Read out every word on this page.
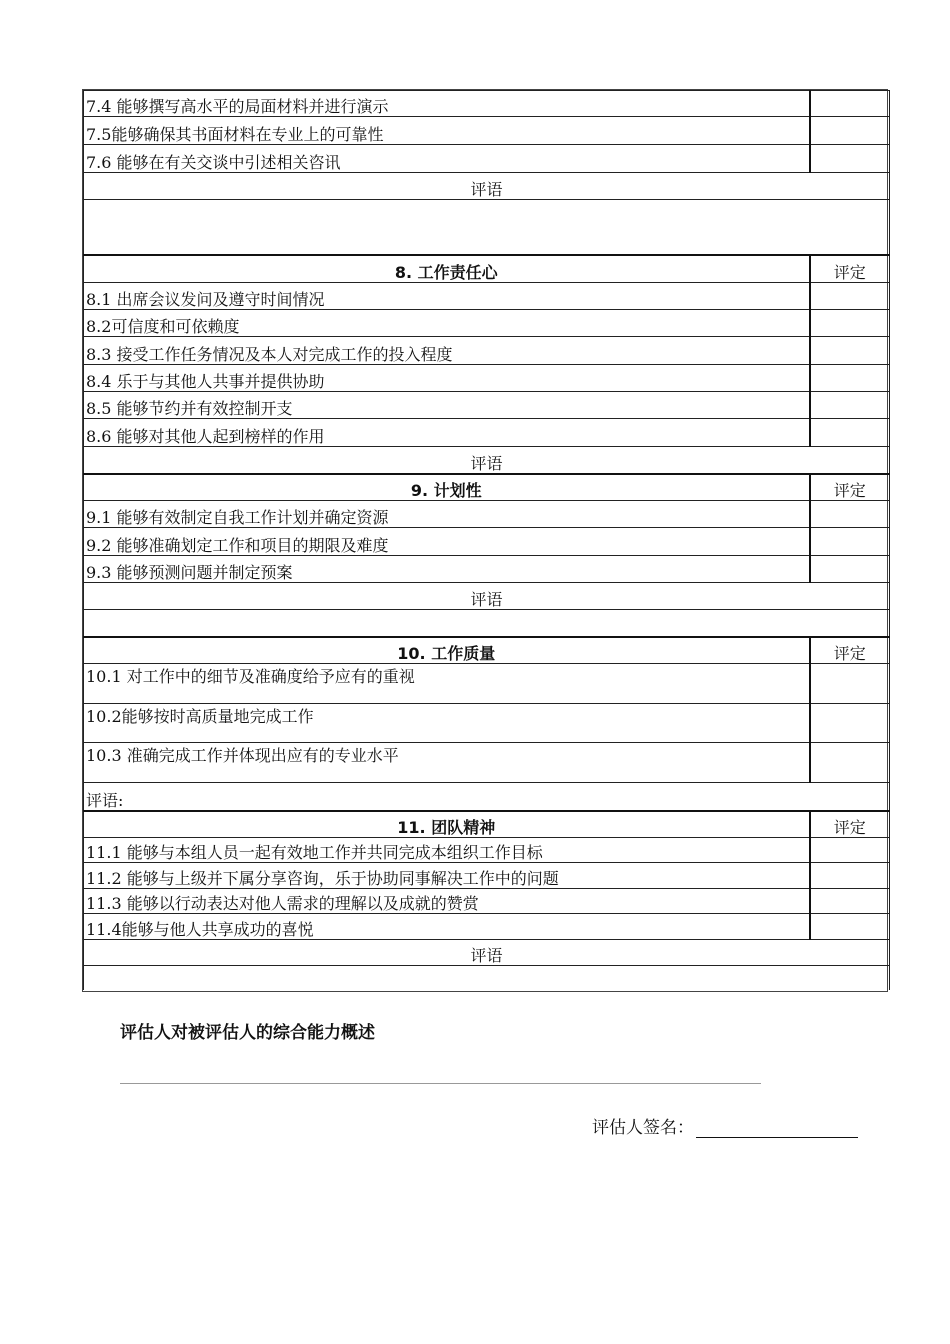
7.4 能够撰写高水平的局面材料并进行演示	
7.5能够确保其书面材料在专业上的可靠性	
7.6 能够在有关交谈中引述相关咨讯	
评语	

8. 工作责任心	评定
8.1 出席会议发问及遵守时间情况	
8.2可信度和可依赖度	
8.3 接受工作任务情况及本人对完成工作的投入程度	
8.4 乐于与其他人共事并提供协助	
8.5 能够节约并有效控制开支	
8.6 能够对其他人起到榜样的作用	
评语	
9. 计划性	评定
9.1 能够有效制定自我工作计划并确定资源	
9.2 能够准确划定工作和项目的期限及难度	
9.3 能够预测问题并制定预案	
评语	

10. 工作质量	评定
10.1 对工作中的细节及准确度给予应有的重视	
10.2能够按时高质量地完成工作	
10.3 准确完成工作并体现出应有的专业水平	
评语:	
11. 团队精神	评定
11.1 能够与本组人员一起有效地工作并共同完成本组织工作目标	
11.2 能够与上级并下属分享咨询，乐于协助同事解决工作中的问题	
11.3 能够以行动表达对他人需求的理解以及成就的赞赏	
11.4能够与他人共享成功的喜悦	
评语	

评估人对被评估人的综合能力概述
评估人签名：
